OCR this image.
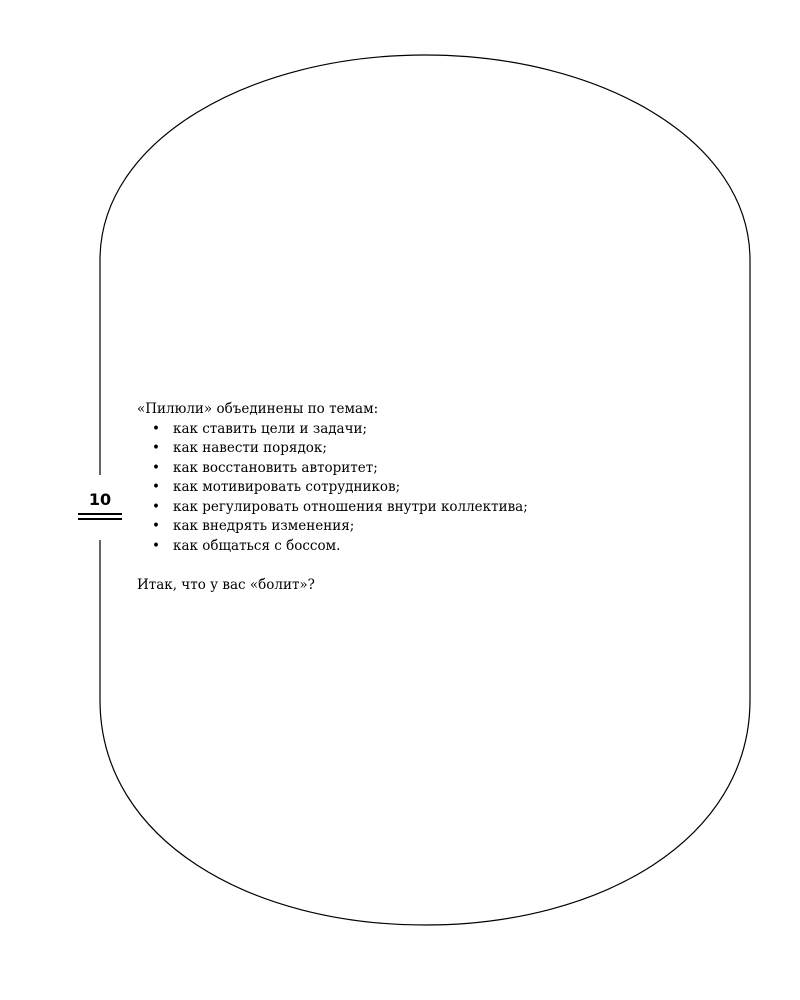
10

«Пилюли» объединены по темам:

• как ставить цели и задачи;
• как навести порядок;
• как восстановить авторитет;
• как мотивировать сотрудников;
• как регулировать отношения внутри коллектива;
• как внедрять изменения;
• как общаться с боссом.

Итак, что у вас «болит»?
